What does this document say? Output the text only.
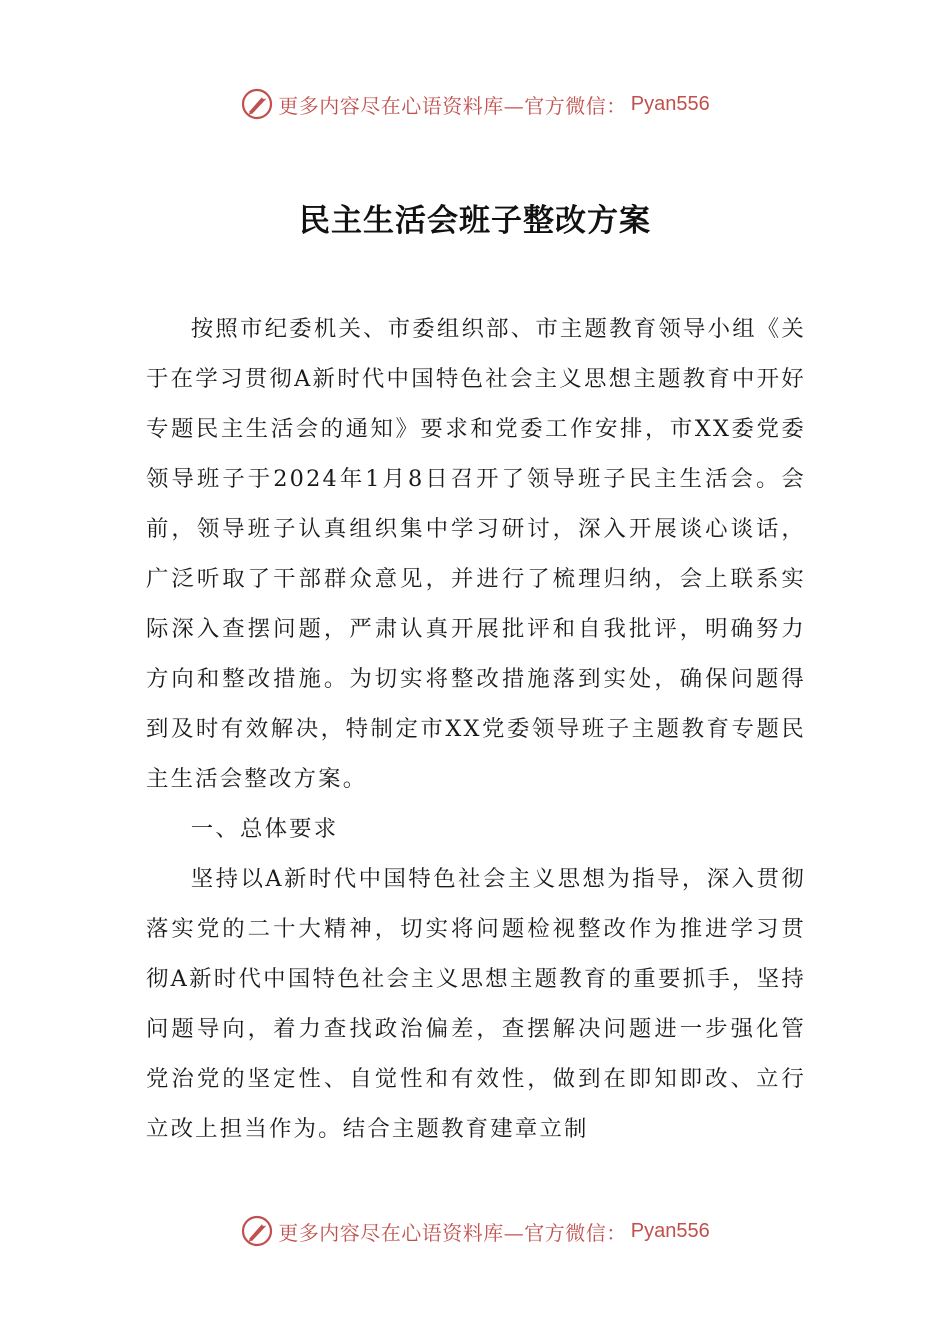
更多内容尽在心语资料库—官方微信： Pyan556
民主生活会班子整改方案

按照市纪委机关、市委组织部、市主题教育领导小组《关于在学习贯彻A新时代中国特色社会主义思想主题教育中开好专题民主生活会的通知》要求和党委工作安排，市XX委党委领导班子于2024年1月8日召开了领导班子民主生活会。会前，领导班子认真组织集中学习研讨，深入开展谈心谈话，广泛听取了干部群众意见，并进行了梳理归纳，会上联系实际深入查摆问题，严肃认真开展批评和自我批评，明确努力方向和整改措施。为切实将整改措施落到实处，确保问题得到及时有效解决，特制定市XX党委领导班子主题教育专题民主生活会整改方案。

一、总体要求

坚持以A新时代中国特色社会主义思想为指导，深入贯彻落实党的二十大精神，切实将问题检视整改作为推进学习贯彻A新时代中国特色社会主义思想主题教育的重要抓手，坚持问题导向，着力查找政治偏差，查摆解决问题进一步强化管党治党的坚定性、自觉性和有效性，做到在即知即改、立行立改上担当作为。结合主题教育建章立制

更多内容尽在心语资料库—官方微信： Pyan556
